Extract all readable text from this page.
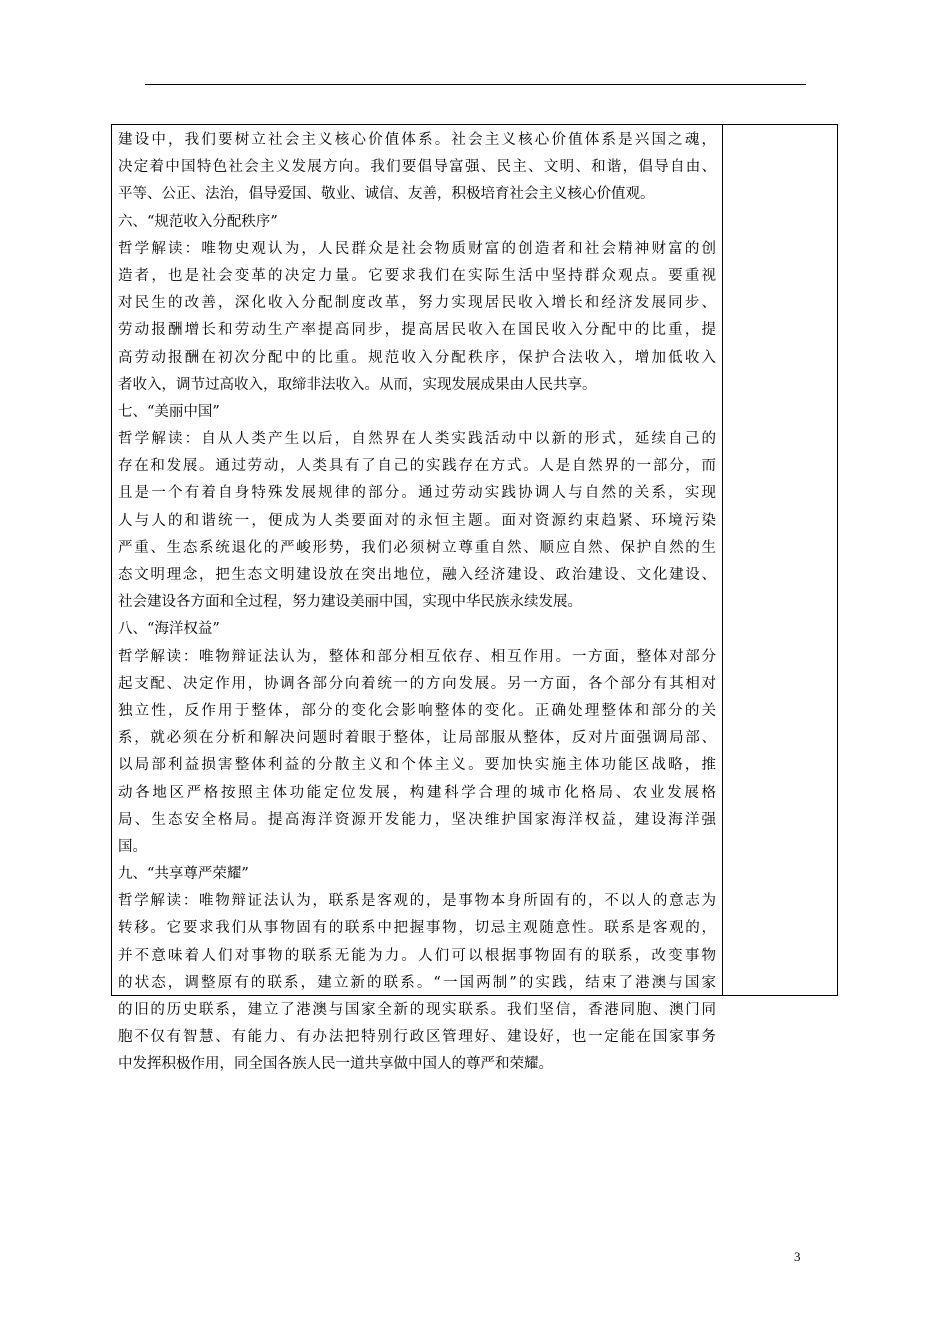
建设中，我们要树立社会主义核心价值体系。社会主义核心价值体系是兴国之魂，
决定着中国特色社会主义发展方向。我们要倡导富强、民主、文明、和谐，倡导自由、
平等、公正、法治，倡导爱国、敬业、诚信、友善，积极培育社会主义核心价值观。
六、“规范收入分配秩序”
哲学解读：唯物史观认为，人民群众是社会物质财富的创造者和社会精神财富的创
造者，也是社会变革的决定力量。它要求我们在实际生活中坚持群众观点。要重视
对民生的改善，深化收入分配制度改革，努力实现居民收入增长和经济发展同步、
劳动报酬增长和劳动生产率提高同步，提高居民收入在国民收入分配中的比重，提
高劳动报酬在初次分配中的比重。规范收入分配秩序，保护合法收入，增加低收入
者收入，调节过高收入，取缔非法收入。从而，实现发展成果由人民共享。
七、“美丽中国”
哲学解读：自从人类产生以后，自然界在人类实践活动中以新的形式，延续自己的
存在和发展。通过劳动，人类具有了自己的实践存在方式。人是自然界的一部分，而
且是一个有着自身特殊发展规律的部分。通过劳动实践协调人与自然的关系，实现
人与人的和谐统一，便成为人类要面对的永恒主题。面对资源约束趋紧、环境污染
严重、生态系统退化的严峻形势，我们必须树立尊重自然、顺应自然、保护自然的生
态文明理念，把生态文明建设放在突出地位，融入经济建设、政治建设、文化建设、
社会建设各方面和全过程，努力建设美丽中国，实现中华民族永续发展。
八、“海洋权益”
哲学解读：唯物辩证法认为，整体和部分相互依存、相互作用。一方面，整体对部分
起支配、决定作用，协调各部分向着统一的方向发展。另一方面，各个部分有其相对
独立性，反作用于整体，部分的变化会影响整体的变化。正确处理整体和部分的关
系，就必须在分析和解决问题时着眼于整体，让局部服从整体，反对片面强调局部、
以局部利益损害整体利益的分散主义和个体主义。要加快实施主体功能区战略，推
动各地区严格按照主体功能定位发展，构建科学合理的城市化格局、农业发展格
局、生态安全格局。提高海洋资源开发能力，坚决维护国家海洋权益，建设海洋强
国。
九、“共享尊严荣耀”
哲学解读：唯物辩证法认为，联系是客观的，是事物本身所固有的，不以人的意志为
转移。它要求我们从事物固有的联系中把握事物，切忌主观随意性。联系是客观的，
并不意味着人们对事物的联系无能为力。人们可以根据事物固有的联系，改变事物
的状态，调整原有的联系，建立新的联系。“一国两制”的实践，结束了港澳与国家
的旧的历史联系，建立了港澳与国家全新的现实联系。我们坚信，香港同胞、澳门同
胞不仅有智慧、有能力、有办法把特别行政区管理好、建设好，也一定能在国家事务
中发挥积极作用，同全国各族人民一道共享做中国人的尊严和荣耀。
3
